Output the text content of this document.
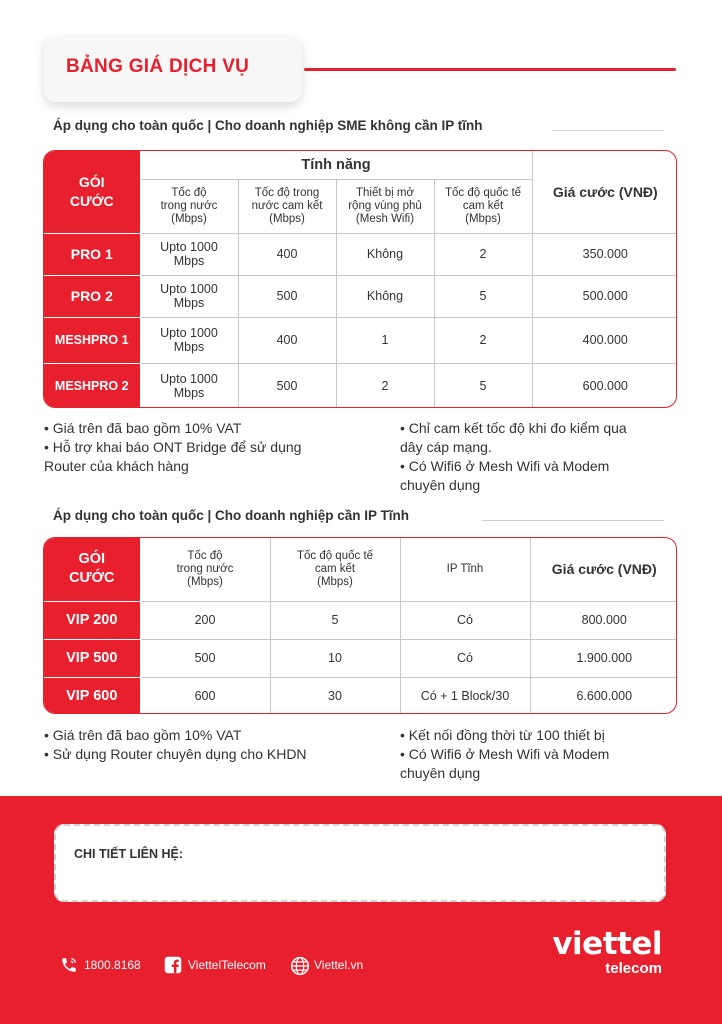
BẢNG GIÁ DỊCH VỤ
Áp dụng cho toàn quốc | Cho doanh nghiệp SME không cần IP tĩnh
GÓI
CƯỚC	Tính năng				Giá cước (VNĐ)
	Tốc độ
trong nước
(Mbps)	Tốc độ trong
nước cam kết
(Mbps)	Thiết bị mở
rộng vùng phủ
(Mesh Wifi)	Tốc độ quốc tế
cam kết
(Mbps)	
PRO 1	Upto 1000
Mbps	400	Không	2	350.000
PRO 2	Upto 1000
Mbps	500	Không	5	500.000
MESHPRO 1	Upto 1000
Mbps	400	1	2	400.000
MESHPRO 2	Upto 1000
Mbps	500	2	5	600.000
• Giá trên đã bao gồm 10% VAT
• Hỗ trợ khai báo ONT Bridge để sử dụng
Router của khách hàng
• Chỉ cam kết tốc độ khi đo kiểm qua
dây cáp mạng.
• Có Wifi6 ở Mesh Wifi và Modem
chuyên dụng
Áp dụng cho toàn quốc | Cho doanh nghiệp cần IP Tĩnh
GÓI
CƯỚC	Tốc độ
trong nước
(Mbps)	Tốc độ quốc tế
cam kết
(Mbps)	IP Tĩnh	Giá cước (VNĐ)
VIP 200	200	5	Có	800.000
VIP 500	500	10	Có	1.900.000
VIP 600	600	30	Có + 1 Block/30	6.600.000
• Giá trên đã bao gồm 10% VAT
• Sử dụng Router chuyên dụng cho KHDN
• Kết nối đồng thời từ 100 thiết bị
• Có Wifi6 ở Mesh Wifi và Modem
chuyên dụng
CHI TIẾT LIÊN HỆ:
1800.8168	ViettelTelecom	Viettel.vn
viettel
telecom
